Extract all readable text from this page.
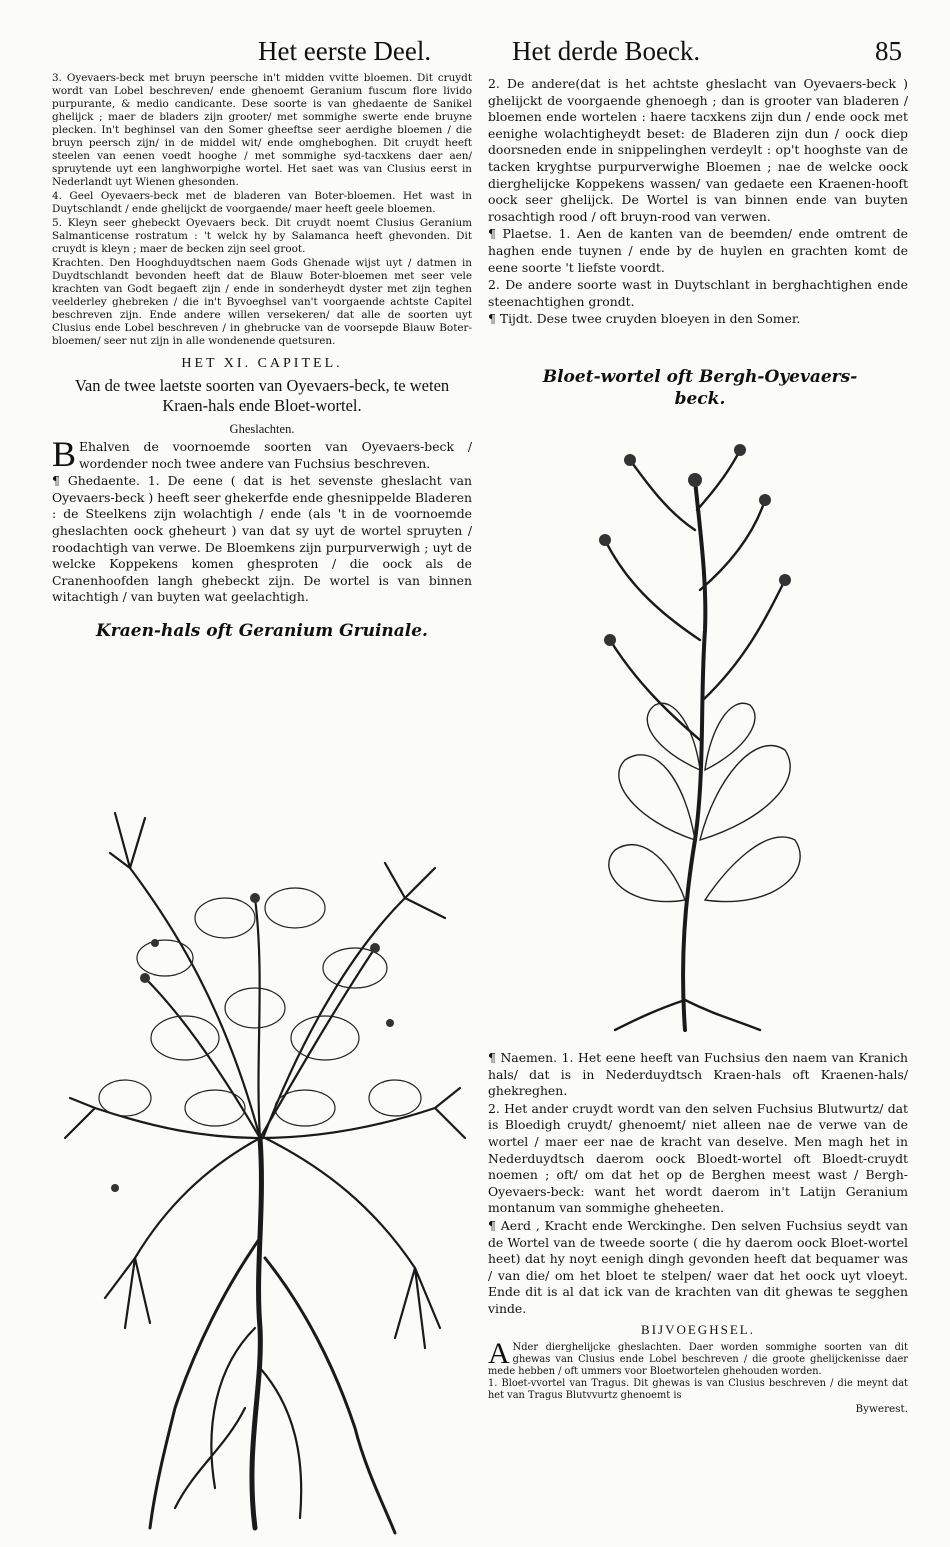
Het eerste Deel.	Het derde Boeck.	85

3. Oyevaers-beck met bruyn peersche in't midden vvitte bloemen. Dit cruydt wordt van Lobel beschreven/ ende ghenoemt Geranium fuscum flore livido purpurante, & medio candicante. Dese soorte is van ghedaente de Sanikel ghelijck ; maer de bladers zijn grooter/ met sommighe swerte ende bruyne plecken. In't beghinsel van den Somer gheeftse seer aerdighe bloemen / die bruyn peersch zijn/ in de middel wit/ ende omgheboghen. Dit cruydt heeft steelen van eenen voedt hooghe / met sommighe syd-tacxkens daer aen/ spruytende uyt een langhworpighe wortel. Het saet was van Clusius eerst in Nederlandt uyt Wienen ghesonden.

4. Geel Oyevaers-beck met de bladeren van Boter-bloemen. Het wast in Duytschlandt / ende ghelijckt de voorgaende/ maer heeft geele bloemen.

5. Kleyn seer ghebeckt Oyevaers beck. Dit cruydt noemt Clusius Geranium Salmanticense rostratum : 't welck hy by Salamanca heeft ghevonden. Dit cruydt is kleyn ; maer de becken zijn seel groot.

Krachten. Den Hooghduydtschen naem Gods Ghenade wijst uyt / datmen in Duydtschlandt bevonden heeft dat de Blauw Boter-bloemen met seer vele krachten van Godt begaeft zijn / ende in sonderheydt dyster met zijn teghen veelderley ghebreken / die in't Byvoeghsel van't voorgaende achtste Capitel beschreven zijn. Ende andere willen versekeren/ dat alle de soorten uyt Clusius ende Lobel beschreven / in ghebrucke van de voorsepde Blauw Boter-bloemen/ seer nut zijn in alle wondenende quetsuren.

HET XI. CAPITEL.
Van de twee laetste soorten van Oyevaers-beck, te weten Kraen-hals ende Bloet-wortel.
Gheslachten.

B Ehalven de voornoemde soorten van Oyevaers-beck / wordender noch twee andere van Fuchsius beschreven.

¶ Ghedaente. 1. De eene ( dat is het sevenste gheslacht van Oyevaers-beck ) heeft seer ghekerfde ende ghesnippelde Bladeren : de Steelkens zijn wolachtigh / ende (als 't in de voornoemde gheslachten oock gheheurt ) van dat sy uyt de wortel spruyten / roodachtigh van verwe. De Bloemkens zijn purpurverwigh ; uyt de welcke Koppekens komen ghesproten / die oock als de Cranenhoofden langh ghebeckt zijn. De wortel is van binnen witachtigh / van buyten wat geelachtigh.

Kraen-hals oft Geranium Gruinale.

2. De andere(dat is het achtste gheslacht van Oyevaers-beck ) ghelijckt de voorgaende ghenoegh ; dan is grooter van bladeren / bloemen ende wortelen : haere tacxkens zijn dun / ende oock met eenighe wolachtigheydt beset: de Bladeren zijn dun / oock diep doorsneden ende in snippelinghen verdeylt : op't hooghste van de tacken kryghtse purpurverwighe Bloemen ; nae de welcke oock dierghelijcke Koppekens wassen/ van gedaete een Kraenen-hooft oock seer ghelijck. De Wortel is van binnen ende van buyten rosachtigh rood / oft bruyn-rood van verwen.

¶ Plaetse. 1. Aen de kanten van de beemden/ ende omtrent de haghen ende tuynen / ende by de huylen en grachten komt de eene soorte 't liefste voordt.

2. De andere soorte wast in Duytschlant in berghachtighen ende steenachtighen grondt.

¶ Tijdt. Dese twee cruyden bloeyen in den Somer.

Bloet-wortel oft Bergh-Oyevaers-beck.

¶ Naemen. 1. Het eene heeft van Fuchsius den naem van Kranich hals/ dat is in Nederduydtsch Kraen-hals oft Kraenen-hals/ ghekreghen.

2. Het ander cruydt wordt van den selven Fuchsius Blutwurtz/ dat is Bloedigh cruydt/ ghenoemt/ niet alleen nae de verwe van de wortel / maer eer nae de kracht van deselve. Men magh het in Nederduydtsch daerom oock Bloedt-wortel oft Bloedt-cruydt noemen ; oft/ om dat het op de Berghen meest wast / Bergh-Oyevaers-beck: want het wordt daerom in't Latijn Geranium montanum van sommighe gheheeten.

¶ Aerd , Kracht ende Werckinghe. Den selven Fuchsius seydt van de Wortel van de tweede soorte ( die hy daerom oock Bloet-wortel heet) dat hy noyt eenigh dingh gevonden heeft dat bequamer was / van die/ om het bloet te stelpen/ waer dat het oock uyt vloeyt. Ende dit is al dat ick van de krachten van dit ghewas te segghen vinde.

BIJVOEGHSEL.

A Nder dierghelijcke gheslachten. Daer worden sommighe soorten van dit ghewas van Clusius ende Lobel beschreven / die groote ghelijckenisse daer mede hebben / oft ummers voor Bloetwortelen ghehouden worden.

1. Bloet-vvortel van Tragus. Dit ghewas is van Clusius beschreven / die meynt dat het van Tragus Blutvvurtz ghenoemt is

Bywerest.
